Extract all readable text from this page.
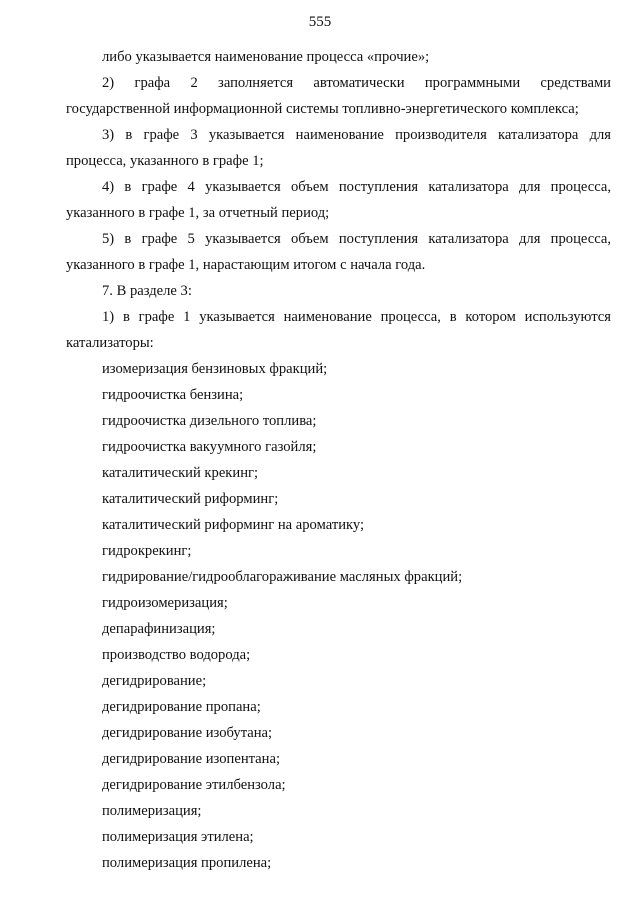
555

либо указывается наименование процесса «прочие»;

2) графа 2 заполняется автоматически программными средствами государственной информационной системы топливно-энергетического комплекса;

3) в графе 3 указывается наименование производителя катализатора для процесса, указанного в графе 1;

4) в графе 4 указывается объем поступления катализатора для процесса, указанного в графе 1, за отчетный период;

5) в графе 5 указывается объем поступления катализатора для процесса, указанного в графе 1, нарастающим итогом с начала года.

7. В разделе 3:

1) в графе 1 указывается наименование процесса, в котором используются катализаторы:

изомеризация бензиновых фракций;

гидроочистка бензина;

гидроочистка дизельного топлива;

гидроочистка вакуумного газойля;

каталитический крекинг;

каталитический риформинг;

каталитический риформинг на ароматику;

гидрокрекинг;

гидрирование/гидрооблагораживание масляных фракций;

гидроизомеризация;

депарафинизация;

производство водорода;

дегидрирование;

дегидрирование пропана;

дегидрирование изобутана;

дегидрирование изопентана;

дегидрирование этилбензола;

полимеризация;

полимеризация этилена;

полимеризация пропилена;
